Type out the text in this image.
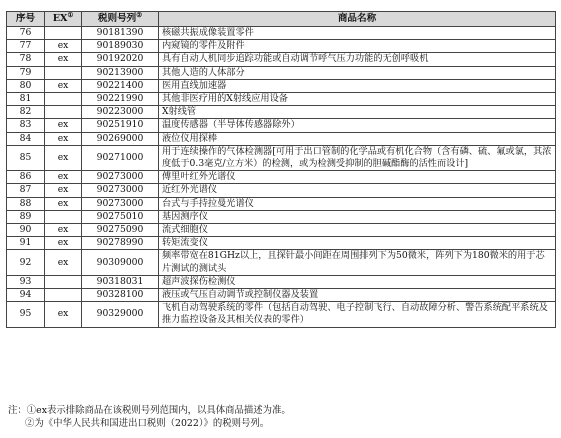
序号	EX①	税则号列②	商品名称
76		90181390	核磁共振成像装置零件
77	ex	90189030	内窥镜的零件及附件
78	ex	90192020	具有自动人机同步追踪功能或自动调节呼气压力功能的无创呼吸机
79		90213900	其他人造的人体部分
80	ex	90221400	医用直线加速器
81		90221990	其他非医疗用的X射线应用设备
82		90223000	X射线管
83	ex	90251910	温度传感器（半导体传感器除外）
84	ex	90269000	液位仪用探棒
85	ex	90271000	用于连续操作的气体检测器[可用于出口管制的化学品或有机化合物（含有磷、硫、氟或氯，其浓度低于0.3毫克/立方米）的检测，或为检测受抑制的胆碱酯酶的活性而设计]
86	ex	90273000	傅里叶红外光谱仪
87	ex	90273000	近红外光谱仪
88	ex	90273000	台式与手持拉曼光谱仪
89		90275010	基因测序仪
90	ex	90275090	流式细胞仪
91	ex	90278990	转矩流变仪
92	ex	90309000	频率带宽在81GHz以上，且探针最小间距在周围排列下为50微米，阵列下为180微米的用于芯片测试的测试头
93		90318031	超声波探伤检测仪
94		90328100	液压或气压自动调节或控制仪器及装置
95	ex	90329000	飞机自动驾驶系统的零件（包括自动驾驶、电子控制飞行、自动故障分析、警告系统配平系统及推力监控设备及其相关仪表的零件）
注：①ex表示排除商品在该税则号列范围内，以具体商品描述为准。
②为《中华人民共和国进出口税则（2022）》的税则号列。
